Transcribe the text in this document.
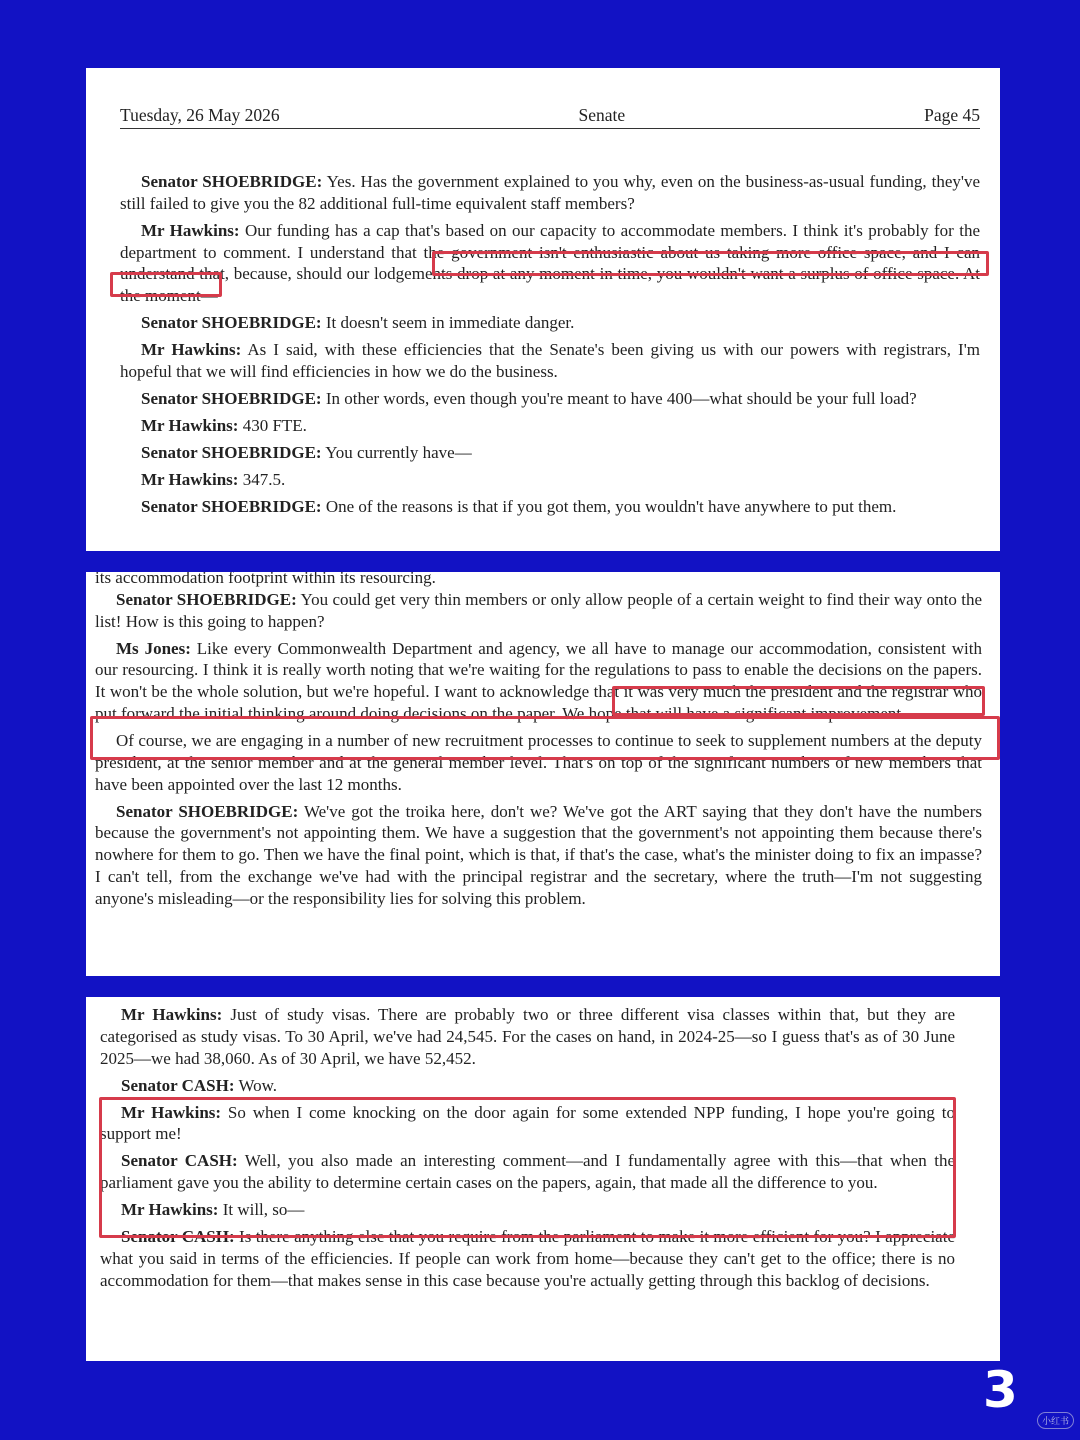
Tuesday, 26 May 2026	Senate	Page 45

Senator SHOEBRIDGE: Yes. Has the government explained to you why, even on the business-as-usual funding, they've still failed to give you the 82 additional full-time equivalent staff members?

Mr Hawkins: Our funding has a cap that's based on our capacity to accommodate members. I think it's probably for the department to comment. I understand that the government isn't enthusiastic about us taking more office space, and I can understand that, because, should our lodgements drop at any moment in time, you wouldn't want a surplus of office space. At the moment—

Senator SHOEBRIDGE: It doesn't seem in immediate danger.

Mr Hawkins: As I said, with these efficiencies that the Senate's been giving us with our powers with registrars, I'm hopeful that we will find efficiencies in how we do the business.

Senator SHOEBRIDGE: In other words, even though you're meant to have 400—what should be your full load?

Mr Hawkins: 430 FTE.

Senator SHOEBRIDGE: You currently have—

Mr Hawkins: 347.5.

Senator SHOEBRIDGE: One of the reasons is that if you got them, you wouldn't have anywhere to put them.

its accommodation footprint within its resourcing.

Senator SHOEBRIDGE: You could get very thin members or only allow people of a certain weight to find their way onto the list! How is this going to happen?

Ms Jones: Like every Commonwealth Department and agency, we all have to manage our accommodation, consistent with our resourcing. I think it is really worth noting that we're waiting for the regulations to pass to enable the decisions on the papers. It won't be the whole solution, but we're hopeful. I want to acknowledge that it was very much the president and the registrar who put forward the initial thinking around doing decisions on the paper. We hope that will have a significant improvement.

Of course, we are engaging in a number of new recruitment processes to continue to seek to supplement numbers at the deputy president, at the senior member and at the general member level. That's on top of the significant numbers of new members that have been appointed over the last 12 months.

Senator SHOEBRIDGE: We've got the troika here, don't we? We've got the ART saying that they don't have the numbers because the government's not appointing them. We have a suggestion that the government's not appointing them because there's nowhere for them to go. Then we have the final point, which is that, if that's the case, what's the minister doing to fix an impasse? I can't tell, from the exchange we've had with the principal registrar and the secretary, where the truth—I'm not suggesting anyone's misleading—or the responsibility lies for solving this problem.

Mr Hawkins: Just of study visas. There are probably two or three different visa classes within that, but they are categorised as study visas. To 30 April, we've had 24,545. For the cases on hand, in 2024-25—so I guess that's as of 30 June 2025—we had 38,060. As of 30 April, we have 52,452.

Senator CASH: Wow.

Mr Hawkins: So when I come knocking on the door again for some extended NPP funding, I hope you're going to support me!

Senator CASH: Well, you also made an interesting comment—and I fundamentally agree with this—that when the parliament gave you the ability to determine certain cases on the papers, again, that made all the difference to you.

Mr Hawkins: It will, so—

Senator CASH: Is there anything else that you require from the parliament to make it more efficient for you? I appreciate what you said in terms of the efficiencies. If people can work from home—because they can't get to the office; there is no accommodation for them—that makes sense in this case because you're actually getting through this backlog of decisions.

3
小红书
